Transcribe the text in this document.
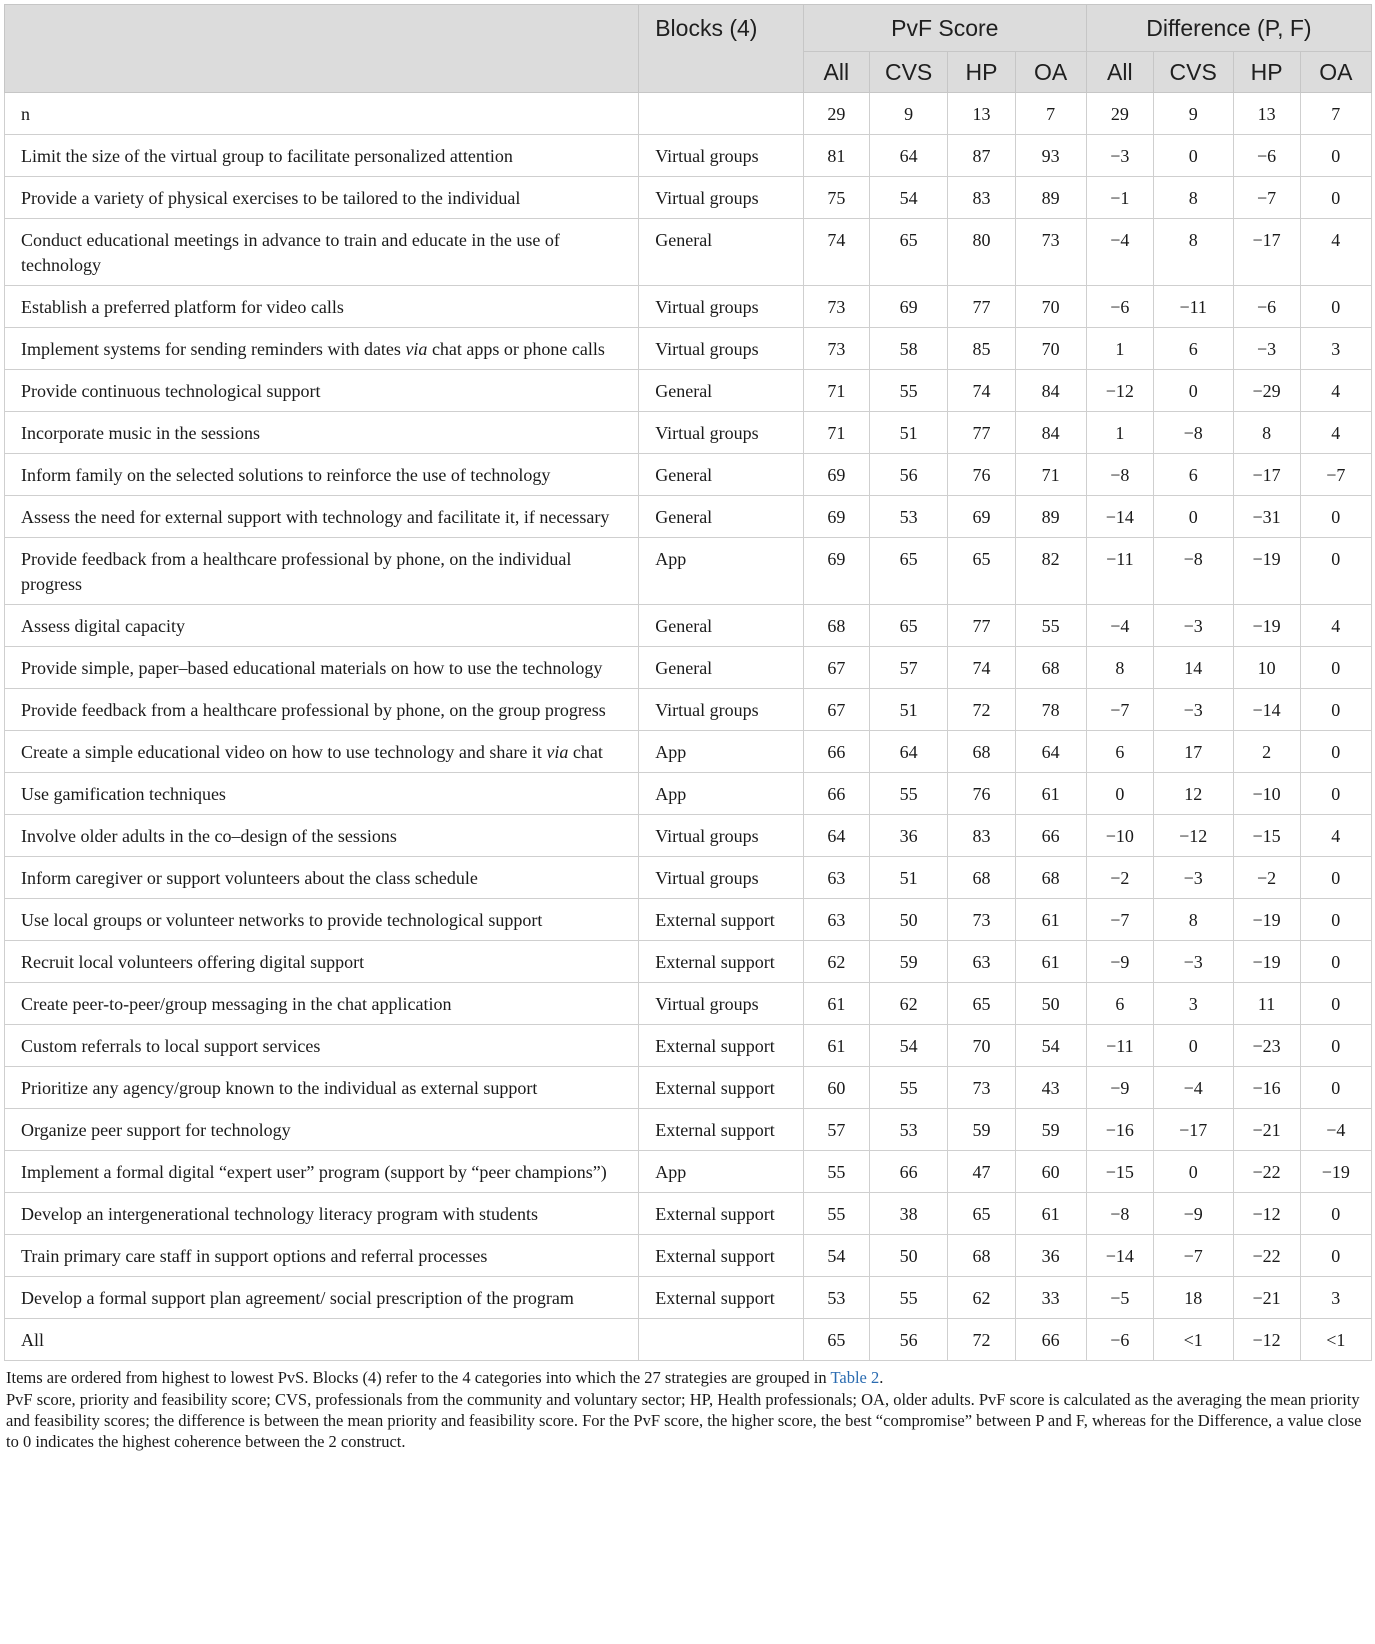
	Blocks (4)	PvF Score				Difference (P, F)			
		All	CVS	HP	OA	All	CVS	HP	OA
n		29	9	13	7	29	9	13	7
Limit the size of the virtual group to facilitate personalized attention	Virtual groups	81	64	87	93	−3	0	−6	0
Provide a variety of physical exercises to be tailored to the individual	Virtual groups	75	54	83	89	−1	8	−7	0
Conduct educational meetings in advance to train and educate in the use of technology	General	74	65	80	73	−4	8	−17	4
Establish a preferred platform for video calls	Virtual groups	73	69	77	70	−6	−11	−6	0
Implement systems for sending reminders with dates via chat apps or phone calls	Virtual groups	73	58	85	70	1	6	−3	3
Provide continuous technological support	General	71	55	74	84	−12	0	−29	4
Incorporate music in the sessions	Virtual groups	71	51	77	84	1	−8	8	4
Inform family on the selected solutions to reinforce the use of technology	General	69	56	76	71	−8	6	−17	−7
Assess the need for external support with technology and facilitate it, if necessary	General	69	53	69	89	−14	0	−31	0
Provide feedback from a healthcare professional by phone, on the individual progress	App	69	65	65	82	−11	−8	−19	0
Assess digital capacity	General	68	65	77	55	−4	−3	−19	4
Provide simple, paper–based educational materials on how to use the technology	General	67	57	74	68	8	14	10	0
Provide feedback from a healthcare professional by phone, on the group progress	Virtual groups	67	51	72	78	−7	−3	−14	0
Create a simple educational video on how to use technology and share it via chat	App	66	64	68	64	6	17	2	0
Use gamification techniques	App	66	55	76	61	0	12	−10	0
Involve older adults in the co–design of the sessions	Virtual groups	64	36	83	66	−10	−12	−15	4
Inform caregiver or support volunteers about the class schedule	Virtual groups	63	51	68	68	−2	−3	−2	0
Use local groups or volunteer networks to provide technological support	External support	63	50	73	61	−7	8	−19	0
Recruit local volunteers offering digital support	External support	62	59	63	61	−9	−3	−19	0
Create peer-to-peer/group messaging in the chat application	Virtual groups	61	62	65	50	6	3	11	0
Custom referrals to local support services	External support	61	54	70	54	−11	0	−23	0
Prioritize any agency/group known to the individual as external support	External support	60	55	73	43	−9	−4	−16	0
Organize peer support for technology	External support	57	53	59	59	−16	−17	−21	−4
Implement a formal digital “expert user” program (support by “peer champions”)	App	55	66	47	60	−15	0	−22	−19
Develop an intergenerational technology literacy program with students	External support	55	38	65	61	−8	−9	−12	0
Train primary care staff in support options and referral processes	External support	54	50	68	36	−14	−7	−22	0
Develop a formal support plan agreement/ social prescription of the program	External support	53	55	62	33	−5	18	−21	3
All		65	56	72	66	−6	<1	−12	<1

Items are ordered from highest to lowest PvS. Blocks (4) refer to the 4 categories into which the 27 strategies are grouped in Table 2.

PvF score, priority and feasibility score; CVS, professionals from the community and voluntary sector; HP, Health professionals; OA, older adults. PvF score is calculated as the averaging the mean priority and feasibility scores; the difference is between the mean priority and feasibility score. For the PvF score, the higher score, the best “compromise” between P and F, whereas for the Difference, a value close to 0 indicates the highest coherence between the 2 construct.
